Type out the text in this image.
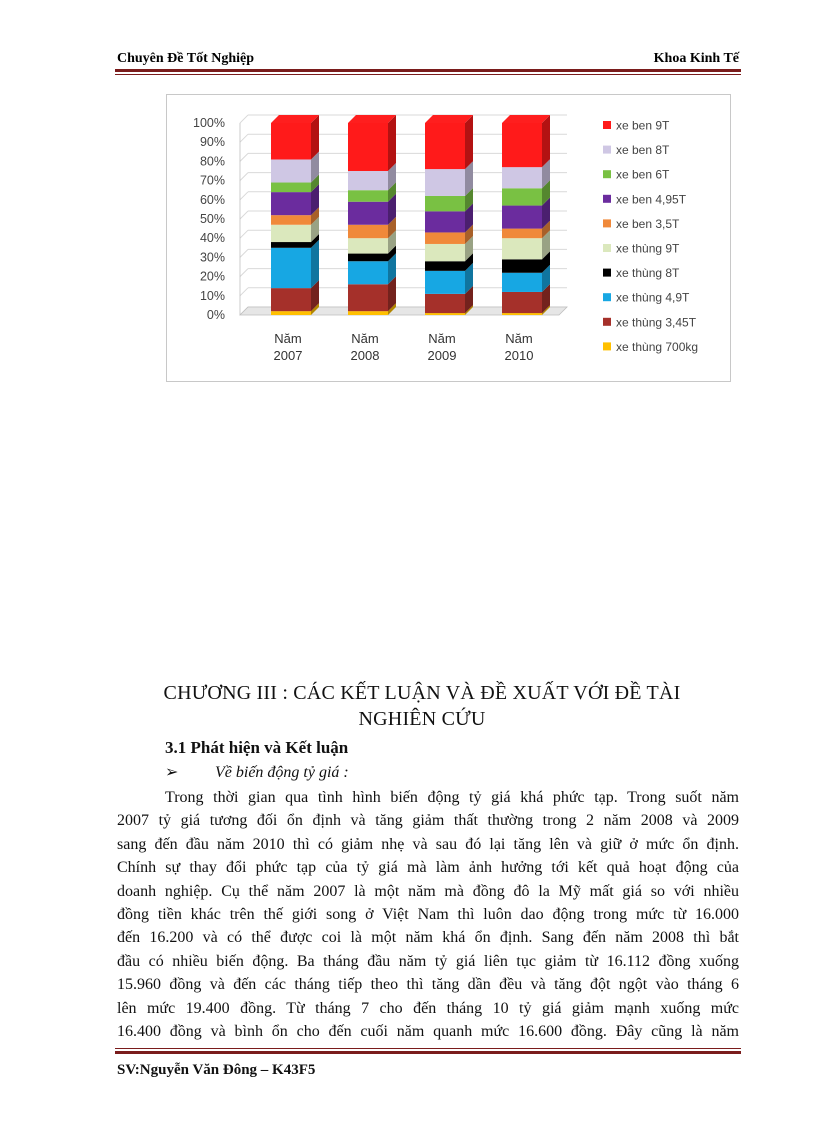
Chuyên Đề Tốt Nghiệp	Khoa Kinh Tế
0%
10%
20%
30%
40%
50%
60%
70%
80%
90%
100%
Năm
2007
Năm
2008
Năm
2009
Năm
2010
xe ben 9T
xe ben 8T
xe ben 6T
xe ben 4,95T
xe ben 3,5T
xe thùng 9T
xe thùng 8T
xe thùng 4,9T
xe thùng 3,45T
xe thùng 700kg
CHƯƠNG III : CÁC KẾT LUẬN VÀ ĐỀ XUẤT VỚI ĐỀ TÀI
NGHIÊN CỨU
3.1 Phát hiện và Kết luận
➢ Về biến động tỷ giá :
Trong thời gian qua tình hình biến động tỷ giá khá phức tạp. Trong suốt năm
2007 tỷ giá tương đối ổn định và tăng giảm thất thường trong 2 năm 2008 và 2009
sang đến đầu năm 2010 thì có giảm nhẹ và sau đó lại tăng lên và giữ ở mức ổn định.
Chính sự thay đổi phức tạp của tỷ giá mà làm ảnh hưởng tới kết quả hoạt động của
doanh nghiệp. Cụ thể năm 2007 là một năm mà đồng đô la Mỹ mất giá so với nhiều
đồng tiền khác trên thế giới song ở Việt Nam thì luôn dao động trong mức từ 16.000
đến 16.200 và có thể được coi là một năm khá ổn định. Sang đến năm 2008 thì bắt
đầu có nhiều biến động. Ba tháng đầu năm tỷ giá liên tục giảm từ 16.112 đồng xuống
15.960 đồng và đến các tháng tiếp theo thì tăng dần đều và tăng đột ngột vào tháng 6
lên mức 19.400 đồng. Từ tháng 7 cho đến tháng 10 tỷ giá giảm mạnh xuống mức
16.400 đồng và bình ổn cho đến cuối năm quanh mức 16.600 đồng. Đây cũng là năm
SV:Nguyễn Văn Đông – K43F5
